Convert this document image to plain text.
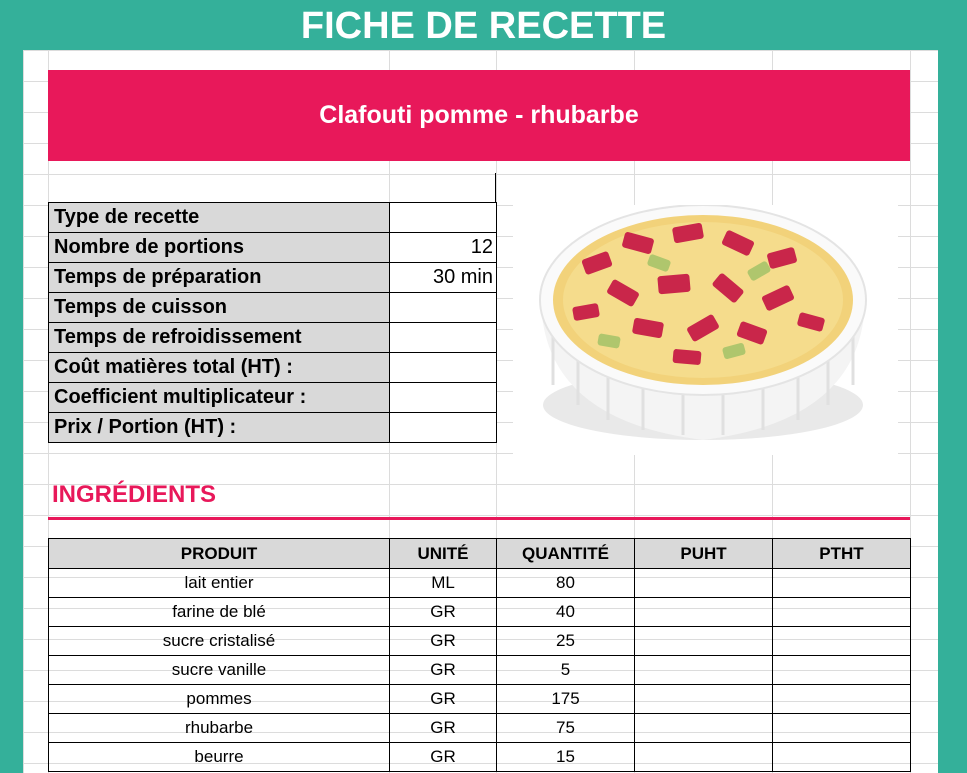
FICHE DE RECETTE
Clafouti pomme - rhubarbe
Type de recette	
Nombre de portions	12
Temps de préparation	30 min
Temps de cuisson	
Temps de refroidissement	
Coût matières total (HT) :	
Coefficient multiplicateur :	
Prix / Portion (HT) :	
INGRÉDIENTS
PRODUIT	UNITÉ	QUANTITÉ	PUHT	PTHT
lait entier	ML	80		
farine de blé	GR	40		
sucre cristalisé	GR	25		
sucre vanille	GR	5		
pommes	GR	175		
rhubarbe	GR	75		
beurre	GR	15		
